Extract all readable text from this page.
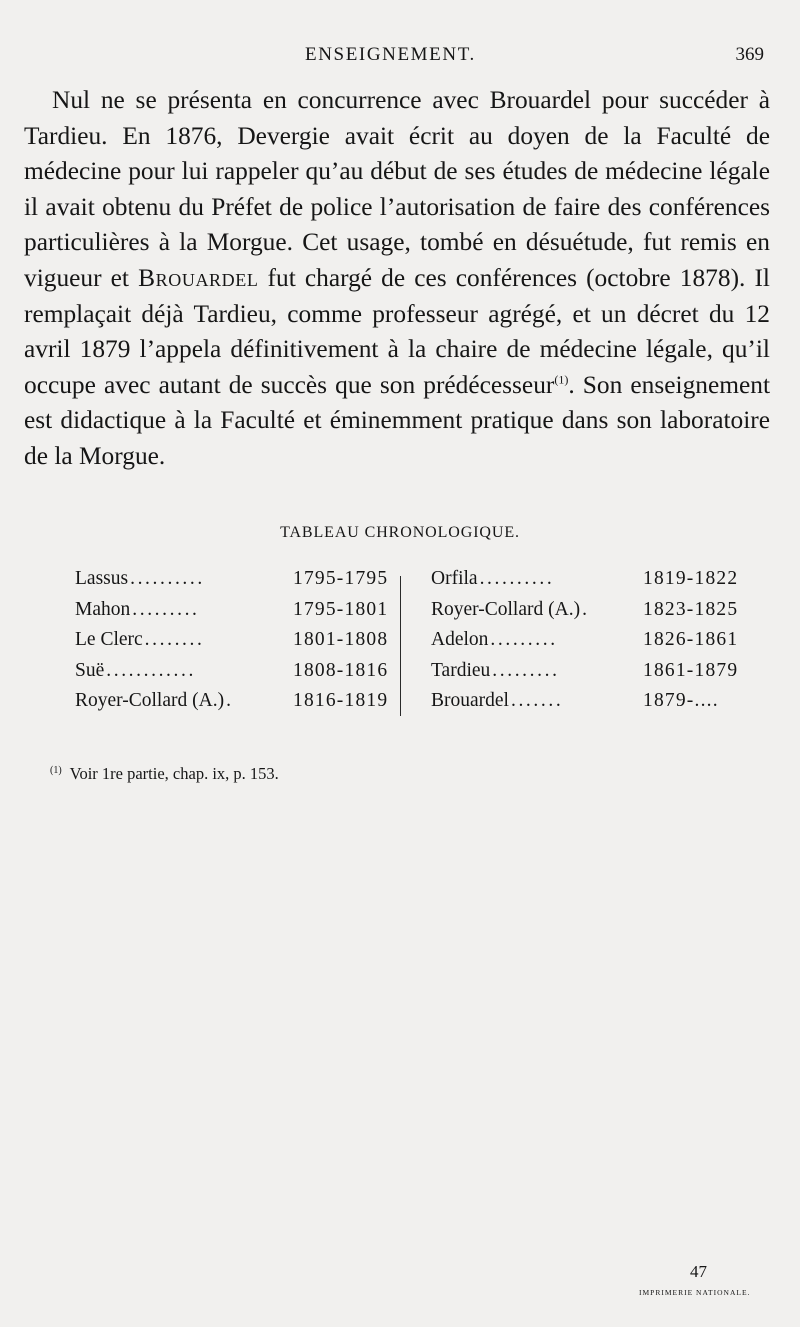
ENSEIGNEMENT.	369

Nul ne se présenta en concurrence avec Brouardel pour succéder à Tardieu. En 1876, Devergie avait écrit au doyen de la Faculté de médecine pour lui rappeler qu’au début de ses études de médecine légale il avait obtenu du Préfet de police l’autorisation de faire des conférences particulières à la Morgue. Cet usage, tombé en désuétude, fut remis en vigueur et Brouardel fut chargé de ces conférences (octobre 1878). Il remplaçait déjà Tardieu, comme professeur agrégé, et un décret du 12 avril 1879 l’appela définitivement à la chaire de médecine légale, qu’il occupe avec autant de succès que son prédécesseur$^{(1)}$. Son enseignement est didactique à la Faculté et éminemment pratique dans son laboratoire de la Morgue.

TABLEAU CHRONOLOGIQUE.
Lassus ..........	1795-1795
Mahon .........	1795-1801
Le Clerc ........	1801-1808
Suë ............	1808-1816
Royer-Collard (A.) .	1816-1819
Orfila ..........	1819-1822
Royer-Collard (A.) .	1823-1825
Adelon .........	1826-1861
Tardieu .........	1861-1879
Brouardel .......	1879-....
$^{(1)}$ Voir 1re partie, chap. ix, p. 153.
47
IMPRIMERIE NATIONALE.
